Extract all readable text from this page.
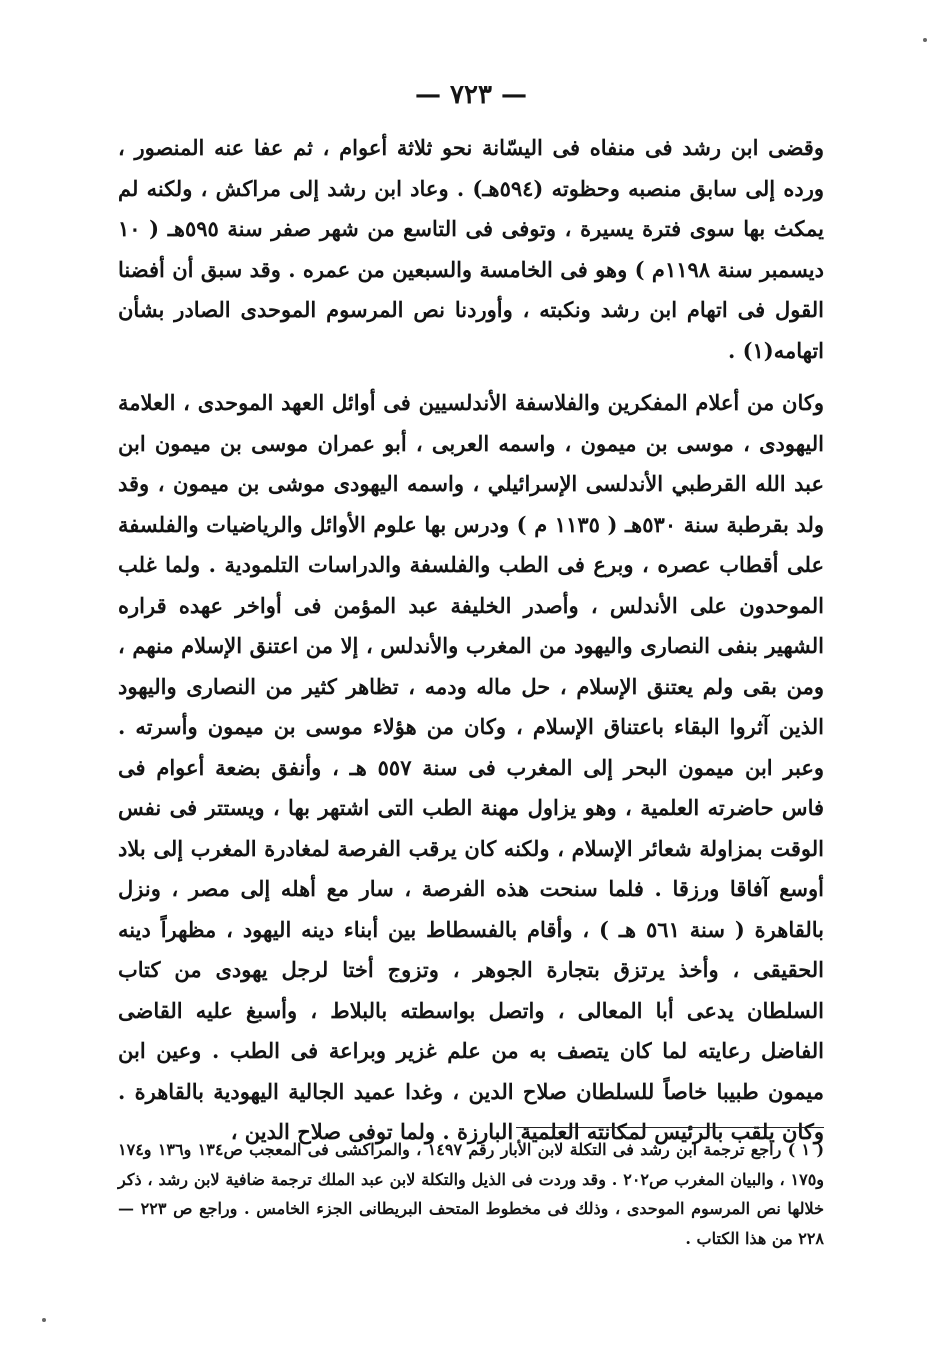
— ٧٢٣ —

وقضى ابن رشد فى منفاه فى اليسّانة نحو ثلاثة أعوام ، ثم عفا عنه المنصور ، ورده إلى سابق منصبه وحظوته (٥٩٤هـ) . وعاد ابن رشد إلى مراكش ، ولكنه لم يمكث بها سوى فترة يسيرة ، وتوفى فى التاسع من شهر صفر سنة ٥٩٥هـ ( ١٠ ديسمبر سنة ١١٩٨م ) وهو فى الخامسة والسبعين من عمره . وقد سبق أن أفضنا القول فى اتهام ابن رشد ونكبته ، وأوردنا نص المرسوم الموحدى الصادر بشأن اتهامه(١) .

وكان من أعلام المفكرين والفلاسفة الأندلسيين فى أوائل العهد الموحدى ، العلامة اليهودى ، موسى بن ميمون ، واسمه العربى ، أبو عمران موسى بن ميمون ابن عبد الله القرطبي الأندلسى الإسرائيلي ، واسمه اليهودى موشى بن ميمون ، وقد ولد بقرطبة سنة ٥٣٠هـ ( ١١٣٥ م ) ودرس بها علوم الأوائل والرياضيات والفلسفة على أقطاب عصره ، وبرع فى الطب والفلسفة والدراسات التلمودية . ولما غلب الموحدون على الأندلس ، وأصدر الخليفة عبد المؤمن فى أواخر عهده قراره الشهير بنفى النصارى واليهود من المغرب والأندلس ، إلا من اعتنق الإسلام منهم ، ومن بقى ولم يعتنق الإسلام ، حل ماله ودمه ، تظاهر كثير من النصارى واليهود الذين آثروا البقاء باعتناق الإسلام ، وكان من هؤلاء موسى بن ميمون وأسرته . وعبر ابن ميمون البحر إلى المغرب فى سنة ٥٥٧ هـ ، وأنفق بضعة أعوام فى فاس حاضرته العلمية ، وهو يزاول مهنة الطب التى اشتهر بها ، ويستتر فى نفس الوقت بمزاولة شعائر الإسلام ، ولكنه كان يرقب الفرصة لمغادرة المغرب إلى بلاد أوسع آفاقا ورزقا . فلما سنحت هذه الفرصة ، سار مع أهله إلى مصر ، ونزل بالقاهرة ( سنة ٥٦١ هـ ) ، وأقام بالفسطاط بين أبناء دينه اليهود ، مظهراً دينه الحقيقى ، وأخذ يرتزق بتجارة الجوهر ، وتزوج أختا لرجل يهودى من كتاب السلطان يدعى أبا المعالى ، واتصل بواسطته بالبلاط ، وأسبغ عليه القاضى الفاضل رعايته لما كان يتصف به من علم غزير وبراعة فى الطب . وعين ابن ميمون طبيبا خاصاً للسلطان صلاح الدين ، وغدا عميد الجالية اليهودية بالقاهرة . وكان يلقب بالرئيس لمكانته العلمية البارزة . ولما توفى صلاح الدين ،

( ١ ) راجع ترجمة ابن رشد فى التكلة لابن الأبار رقم ١٤٩٧ ، والمراكشى فى المعجب ص١٣٤ و١٣٦ و١٧٤ و١٧٥ ، والبيان المغرب ص٢٠٢ . وقد وردت فى الذيل والتكلة لابن عبد الملك ترجمة ضافية لابن رشد ، ذكر خلالها نص المرسوم الموحدى ، وذلك فى مخطوط المتحف البريطانى الجزء الخامس . وراجع ص ٢٢٣ — ٢٢٨ من هذا الكتاب .
